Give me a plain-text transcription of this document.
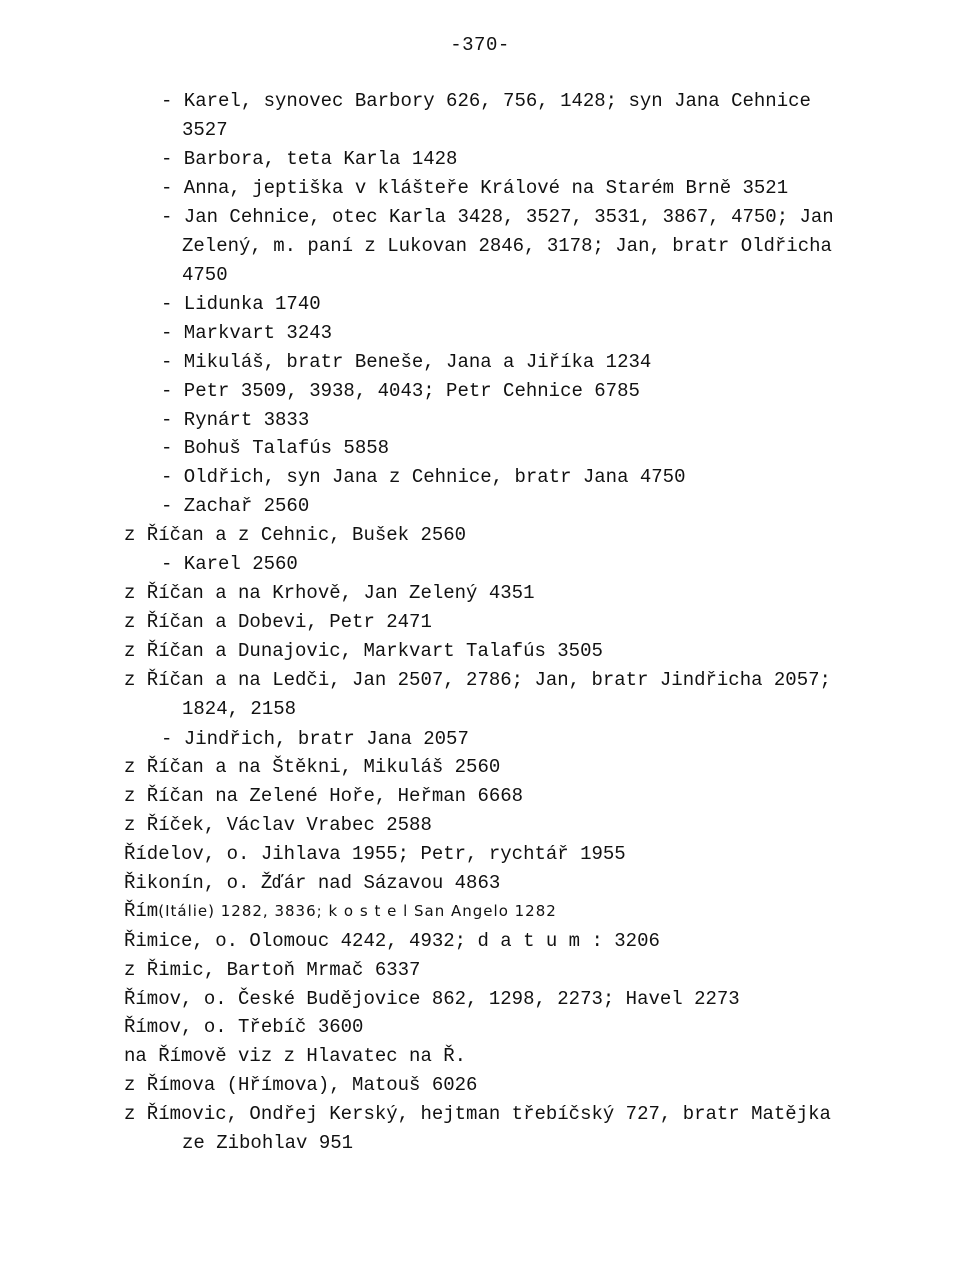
-370-
- Karel, synovec Barbory 626, 756, 1428; syn Jana Cehnice
3527
- Barbora, teta Karla 1428
- Anna, jeptiška v klášteře Králové na Starém Brně 3521
- Jan Cehnice, otec Karla 3428, 3527, 3531, 3867, 4750; Jan
Zelený, m. paní z Lukovan 2846, 3178; Jan, bratr Oldřicha
4750
- Lidunka 1740
- Markvart 3243
- Mikuláš, bratr Beneše, Jana a Jiříka 1234
- Petr 3509, 3938, 4043; Petr Cehnice 6785
- Rynárt 3833
- Bohuš Talafús 5858
- Oldřich, syn Jana z Cehnice, bratr Jana 4750
- Zachař 2560
z Říčan a z Cehnic, Bušek 2560
- Karel 2560
z Říčan a na Krhově, Jan Zelený 4351
z Říčan a Dobevi, Petr 2471
z Říčan a Dunajovic, Markvart Talafús 3505
z Říčan a na Ledči, Jan 2507, 2786; Jan, bratr Jindřicha 2057;
1824, 2158
- Jindřich, bratr Jana 2057
z Říčan a na Štěkni, Mikuláš 2560
z Říčan na Zelené Hoře, Heřman 6668
z Říček, Václav Vrabec 2588
Řídelov, o. Jihlava 1955; Petr, rychtář 1955
Řikonín, o. Žďár nad Sázavou 4863
Řím(Itálie) 1282, 3836; k o s t e l San Angelo 1282
Řimice, o. Olomouc 4242, 4932; d a t u m : 3206
z Řimic, Bartoň Mrmač 6337
Římov, o. České Budějovice 862, 1298, 2273; Havel 2273
Římov, o. Třebíč 3600
na Římově viz z Hlavatec na Ř.
z Římova (Hřímova), Matouš 6026
z Římovic, Ondřej Kerský, hejtman třebíčský 727, bratr Matějka
ze Zibohlav 951
